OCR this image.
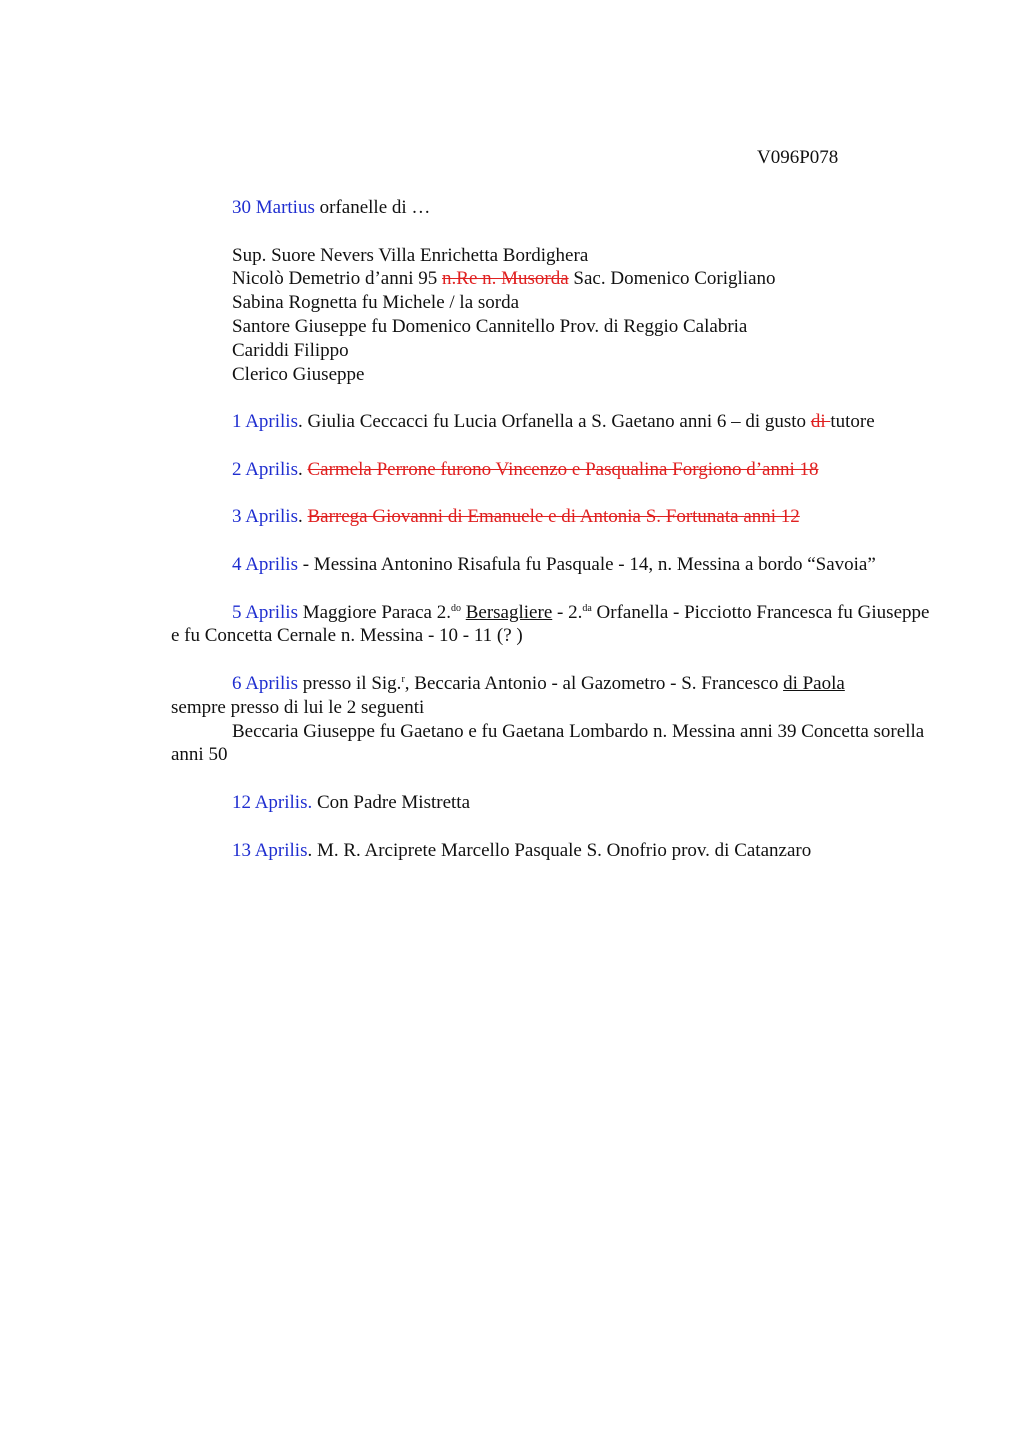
V096P078

30 Martius orfanelle di …

Sup. Suore Nevers Villa Enrichetta Bordighera
Nicolò Demetrio d’anni 95 n.Re n. Musorda Sac. Domenico Corigliano
Sabina Rognetta fu Michele / la sorda
Santore Giuseppe fu Domenico Cannitello Prov. di Reggio Calabria
Cariddi Filippo
Clerico Giuseppe

1 Aprilis. Giulia Ceccacci fu Lucia Orfanella a S. Gaetano anni 6 – di gusto di tutore

2 Aprilis. Carmela Perrone furono Vincenzo e Pasqualina Forgiono d’anni 18

3 Aprilis. Barrega Giovanni di Emanuele e di Antonia S. Fortunata anni 12

4 Aprilis - Messina Antonino Risafula fu Pasquale - 14, n. Messina a bordo “Savoia”

5 Aprilis Maggiore Paraca 2.$^{do}$ Bersagliere - 2.$^{da}$ Orfanella - Picciotto Francesca fu Giuseppe e fu Concetta Cernale n. Messina - 10 - 11 (? )

6 Aprilis presso il Sig.$^r$, Beccaria Antonio - al Gazometro - S. Francesco di Paola
sempre presso di lui le 2 seguenti

Beccaria Giuseppe fu Gaetano e fu Gaetana Lombardo n. Messina anni 39 Concetta sorella anni 50

12 Aprilis. Con Padre Mistretta

13 Aprilis. M. R. Arciprete Marcello Pasquale S. Onofrio prov. di Catanzaro
